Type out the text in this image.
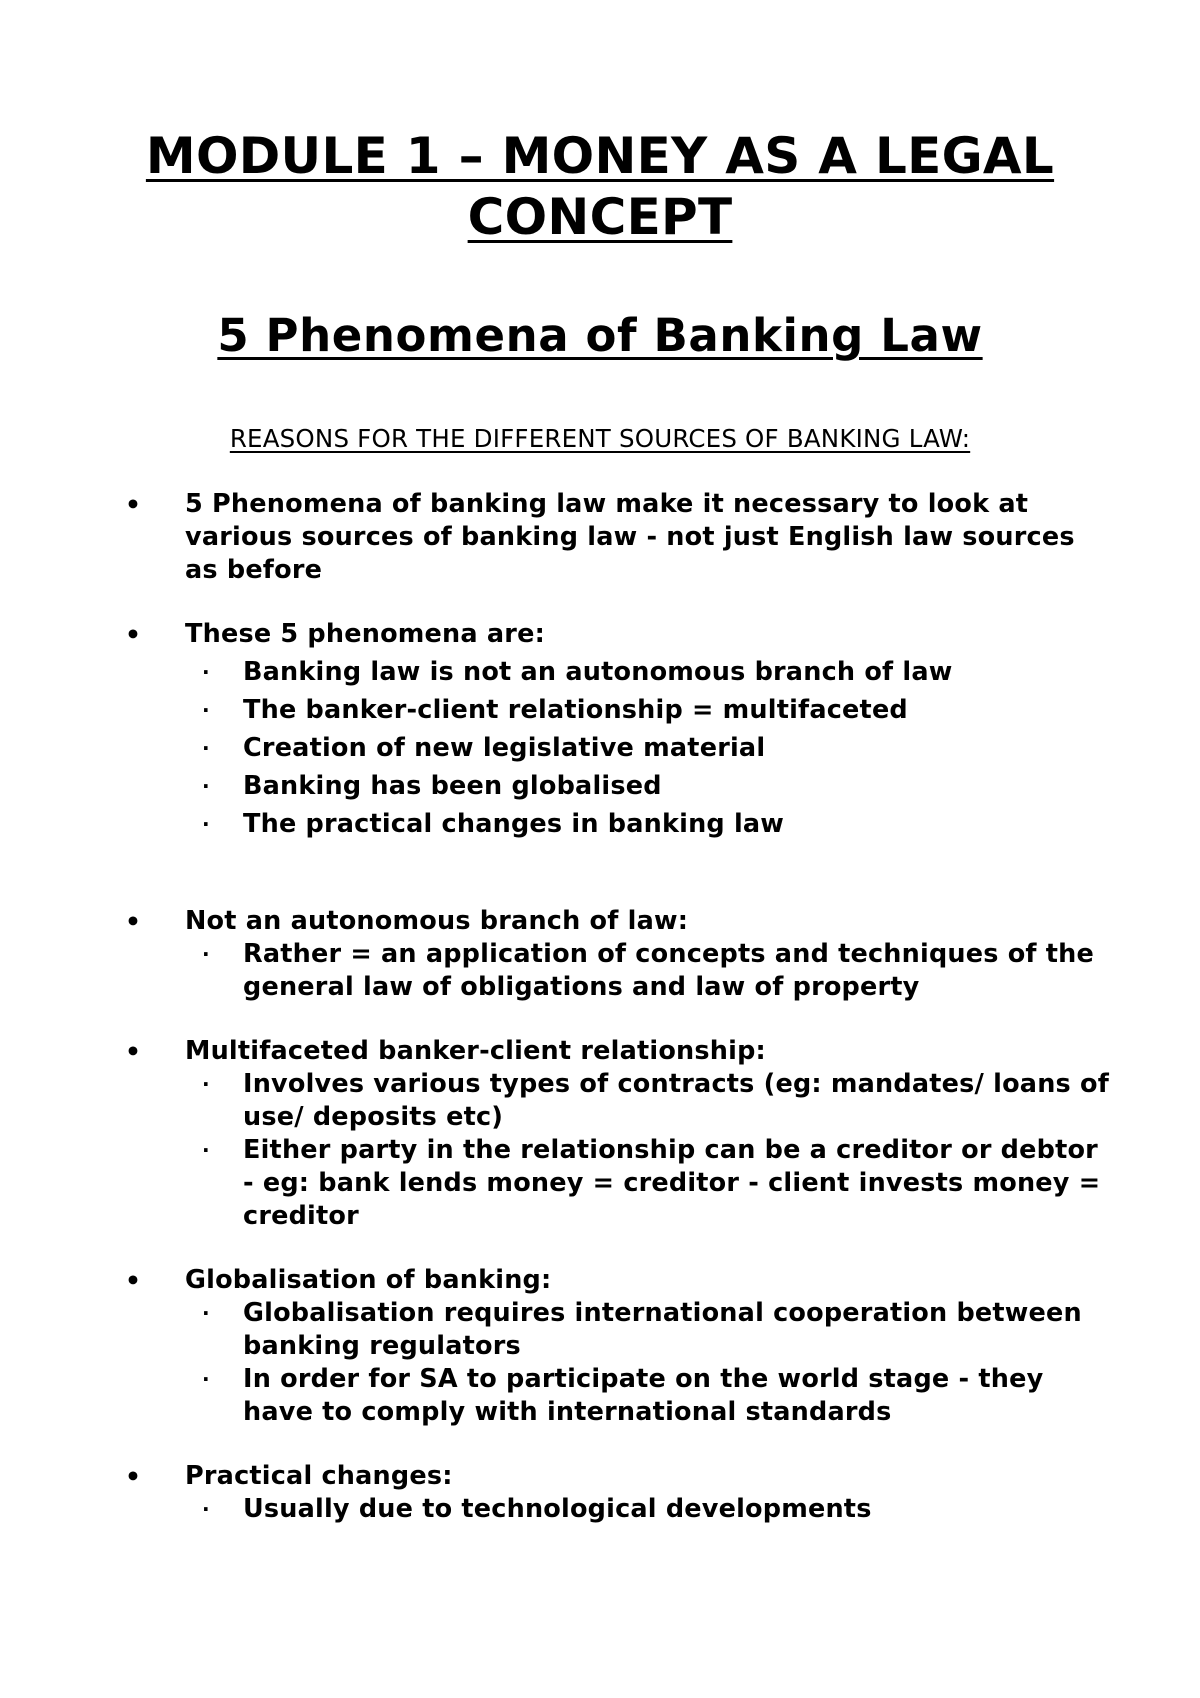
MODULE 1 – MONEY AS A LEGAL CONCEPT
5 Phenomena of Banking Law
REASONS FOR THE DIFFERENT SOURCES OF BANKING LAW:
• 5 Phenomena of banking law make it necessary to look at various sources of banking law - not just English law sources as before
• These 5 phenomena are:
· Banking law is not an autonomous branch of law
· The banker-client relationship = multifaceted
· Creation of new legislative material
· Banking has been globalised
· The practical changes in banking law
• Not an autonomous branch of law:
· Rather = an application of concepts and techniques of the general law of obligations and law of property
• Multifaceted banker-client relationship:
· Involves various types of contracts (eg: mandates/ loans of use/ deposits etc)
· Either party in the relationship can be a creditor or debtor - eg: bank lends money = creditor - client invests money = creditor
• Globalisation of banking:
· Globalisation requires international cooperation between banking regulators
· In order for SA to participate on the world stage - they have to comply with international standards
• Practical changes:
· Usually due to technological developments
